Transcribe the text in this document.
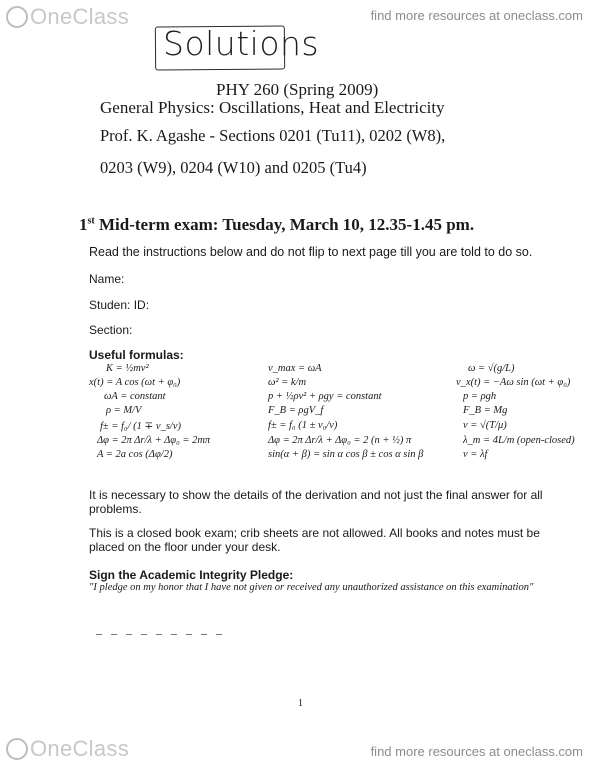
OneClass	find more resources at oneclass.com
Solutions
PHY 260 (Spring 2009)
General Physics: Oscillations, Heat and Electricity
Prof. K. Agashe - Sections 0201 (Tu11), 0202 (W8),
0203 (W9), 0204 (W10) and 0205 (Tu4)
1st Mid-term exam: Tuesday, March 10, 12.35-1.45 pm.
Read the instructions below and do not flip to next page till you are told to do so.
Name:
Studen: ID:
Section:
Useful formulas:
K = ½mv²
x(t) = A cos (ωt + φ₀)
ωA = constant
ρ = M/V
f± = f₀/ (1 ∓ v_s/v)
Δφ = 2π Δr/λ + Δφ₀ = 2mπ
A = 2a cos (Δφ/2)
v_max = ωA
ω² = k/m
p + ½ρv² + ρgy = constant
F_B = ρgV_f
f± = f₀ (1 ± v₀/v)
Δφ = 2π Δr/λ + Δφ₀ = 2 (n + ½) π
sin(α + β) = sin α cos β ± cos α sin β
ω = √(g/L)
v_x(t) = −Aω sin (ωt + φ₀)
p = ρgh
F_B = Mg
v = √(T/μ)
λ_m = 4L/m (open-closed)
v = λf
It is necessary to show the details of the derivation and not just the final answer for all problems.
This is a closed book exam; crib sheets are not allowed. All books and notes must be placed on the floor under your desk.
Sign the Academic Integrity Pledge:
"I pledge on my honor that I have not given or received any unauthorized assistance on this examination"
_ _ _ _ _ _ _ _ _
1
OneClass	find more resources at oneclass.com
